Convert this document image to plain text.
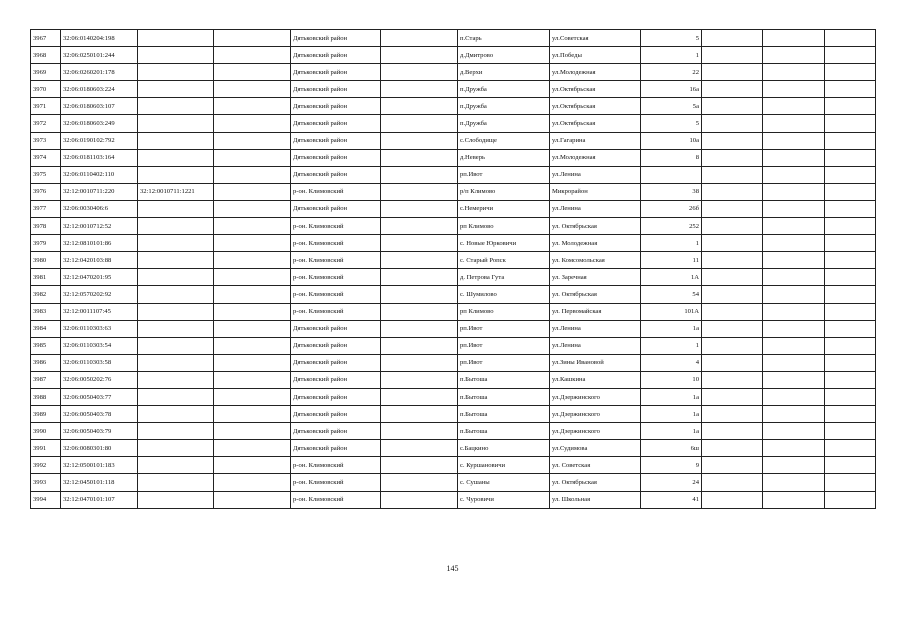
3967	32:06:0140204:198			Дятьковский район		п.Старь	ул.Советская	5			
3968	32:06:0250101:244			Дятьковский район		д.Дмитрово	ул.Победы	1			
3969	32:06:0260201:178			Дятьковский район		д.Верхи	ул.Молодежная	22			
3970	32:06:0180603:224			Дятьковский район		п.Дружба	ул.Октябрьская	16а			
3971	32:06:0180603:107			Дятьковский район		п.Дружба	ул.Октябрьская	5а			
3972	32:06:0180603:249			Дятьковский район		п.Дружба	ул.Октябрьская	5			
3973	32:06:0190102:792			Дятьковский район		с.Слободище	ул.Гагарина	10а			
3974	32:06:0181103:164			Дятьковский район		д.Неверь	ул.Молодежная	8			
3975	32:06:0110402:110			Дятьковский район		рп.Ивот	ул.Ленина				
3976	32:12:0010711:220	32:12:0010711:1221		р-он. Климовский		р/п Климово	Микрорайон	38			
3977	32:06:0030406:6			Дятьковский район		с.Немеричи	ул.Ленина	26б			
3978	32:12:0010712:52			р-он. Климовский		рп Климово	ул. Октябрьская	252			
3979	32:12:0810101:86			р-он. Климовский		с. Новые Юрковичи	ул. Молодежная	1			
3980	32:12:0420103:88			р-он. Климовский		с. Старый Ропск	ул. Комсомольская	11			
3981	32:12:0470201:95			р-он. Климовский		д. Петрова Гута	ул. Заречная	1А			
3982	32:12:0570202:92			р-он. Климовский		с. Шумилово	ул. Октябрьская	54			
3983	32:12:0011107:45			р-он. Климовский		рп Климово	ул. Первомайская	101А			
3984	32:06:0110303:63			Дятьковский район		рп.Ивот	ул.Ленина	1а			
3985	32:06:0110303:54			Дятьковский район		рп.Ивот	ул.Ленина	1			
3986	32:06:0110303:58			Дятьковский район		рп.Ивот	ул.Зины Ивановой	4			
3987	32:06:0050202:76			Дятьковский район		п.Бытоша	ул.Кашкина	10			
3988	32:06:0050403:77			Дятьковский район		п.Бытоша	ул.Дзержинского	1а			
3989	32:06:0050403:78			Дятьковский район		п.Бытоша	ул.Дзержинского	1а			
3990	32:06:0050403:79			Дятьковский район		п.Бытоша	ул.Дзержинского	1а			
3991	32:06:0080301:80			Дятьковский район		с.Бацкино	ул.Судимова	6ш			
3992	32:12:0500101:183			р-он. Климовский		с. Куршановичи	ул. Советская	9			
3993	32:12:0450101:118			р-он. Климовский		с. Сушаны	ул. Октябрьская	24			
3994	32:12:0470101:107			р-он. Климовский		с. Чуровичи	ул. Школьная	41			
145
